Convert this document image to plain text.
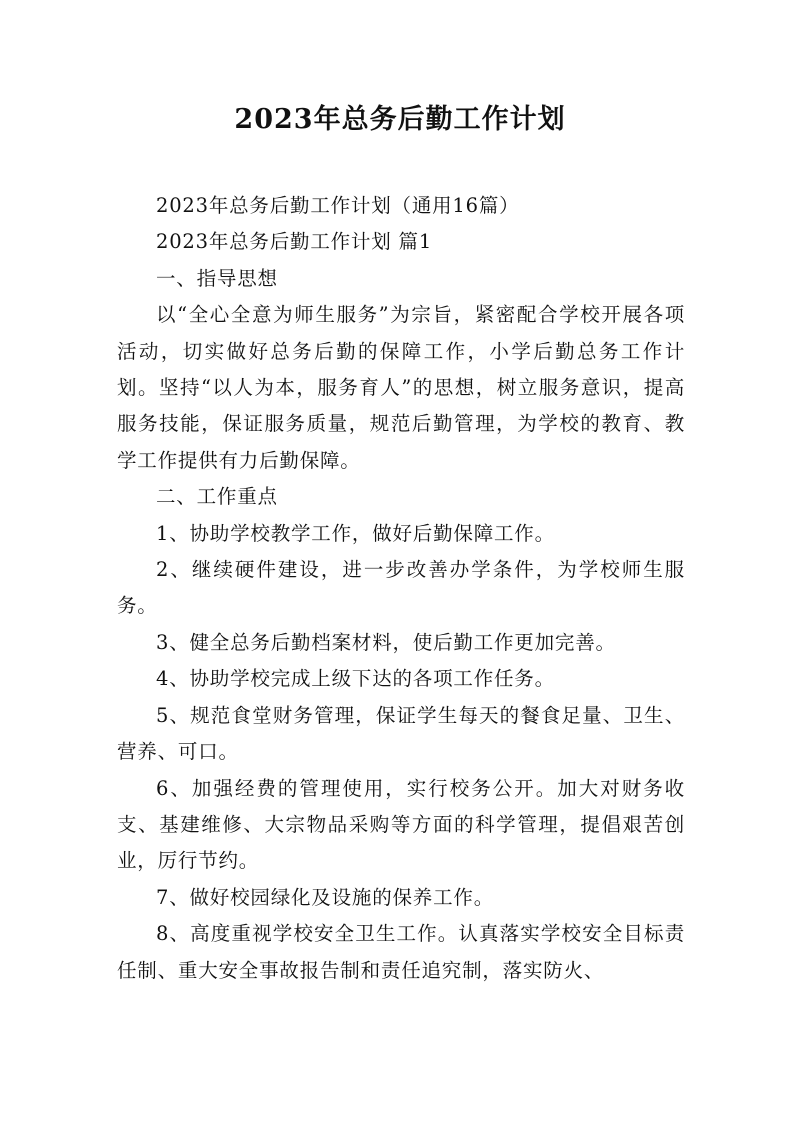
2023年总务后勤工作计划

2023年总务后勤工作计划（通用16篇）

2023年总务后勤工作计划 篇1

一、指导思想

以“全心全意为师生服务”为宗旨，紧密配合学校开展各项活动，切实做好总务后勤的保障工作，小学后勤总务工作计划。坚持“以人为本，服务育人”的思想，树立服务意识，提高服务技能，保证服务质量，规范后勤管理，为学校的教育、教学工作提供有力后勤保障。

二、工作重点

1、协助学校教学工作，做好后勤保障工作。

2、继续硬件建设，进一步改善办学条件，为学校师生服务。

3、健全总务后勤档案材料，使后勤工作更加完善。

4、协助学校完成上级下达的各项工作任务。

5、规范食堂财务管理，保证学生每天的餐食足量、卫生、营养、可口。

6、加强经费的管理使用，实行校务公开。加大对财务收支、基建维修、大宗物品采购等方面的科学管理，提倡艰苦创业，厉行节约。

7、做好校园绿化及设施的保养工作。

8、高度重视学校安全卫生工作。认真落实学校安全目标责任制、重大安全事故报告制和责任追究制，落实防火、
